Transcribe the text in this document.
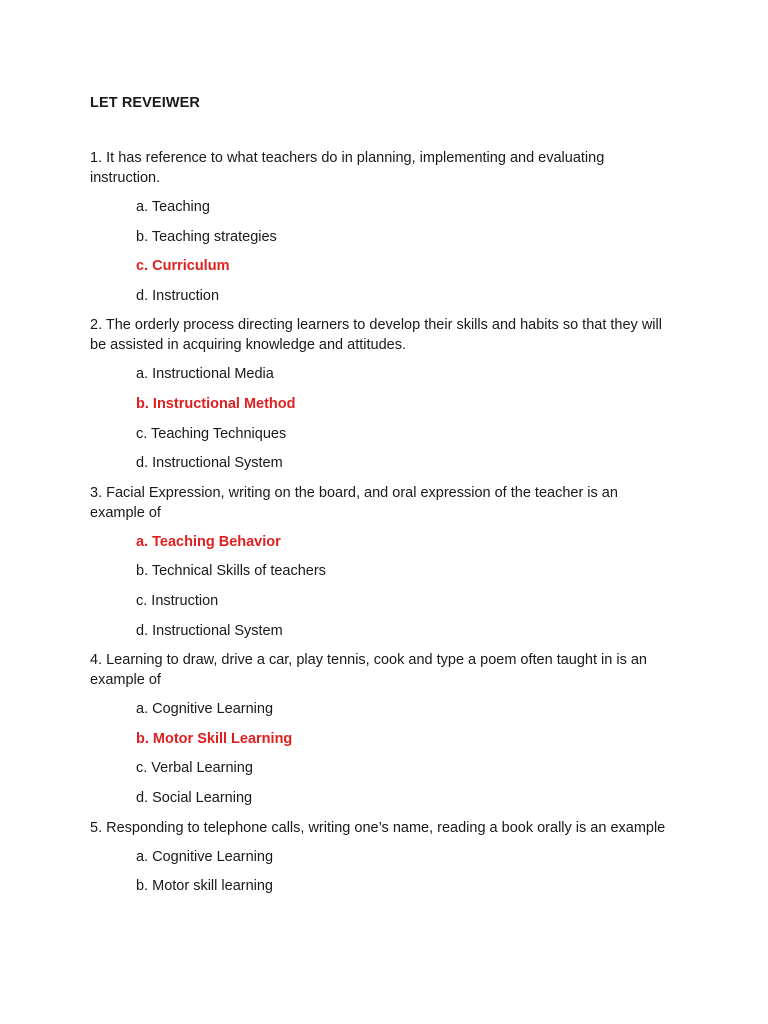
LET REVEIWER

1. It has reference to what teachers do in planning, implementing and evaluating instruction.

a. Teaching
b. Teaching strategies
c. Curriculum
d. Instruction

2. The orderly process directing learners to develop their skills and habits so that they will be assisted in acquiring knowledge and attitudes.

a. Instructional Media
b. Instructional Method
c. Teaching Techniques
d. Instructional System

3. Facial Expression, writing on the board, and oral expression of the teacher is an example of

a. Teaching Behavior
b. Technical Skills of teachers
c. Instruction
d. Instructional System

4. Learning to draw, drive a car, play tennis, cook and type a poem often taught in is an example of

a. Cognitive Learning
b. Motor Skill Learning
c. Verbal Learning
d. Social Learning

5. Responding to telephone calls, writing one’s name, reading a book orally is an example

a. Cognitive Learning
b. Motor skill learning
